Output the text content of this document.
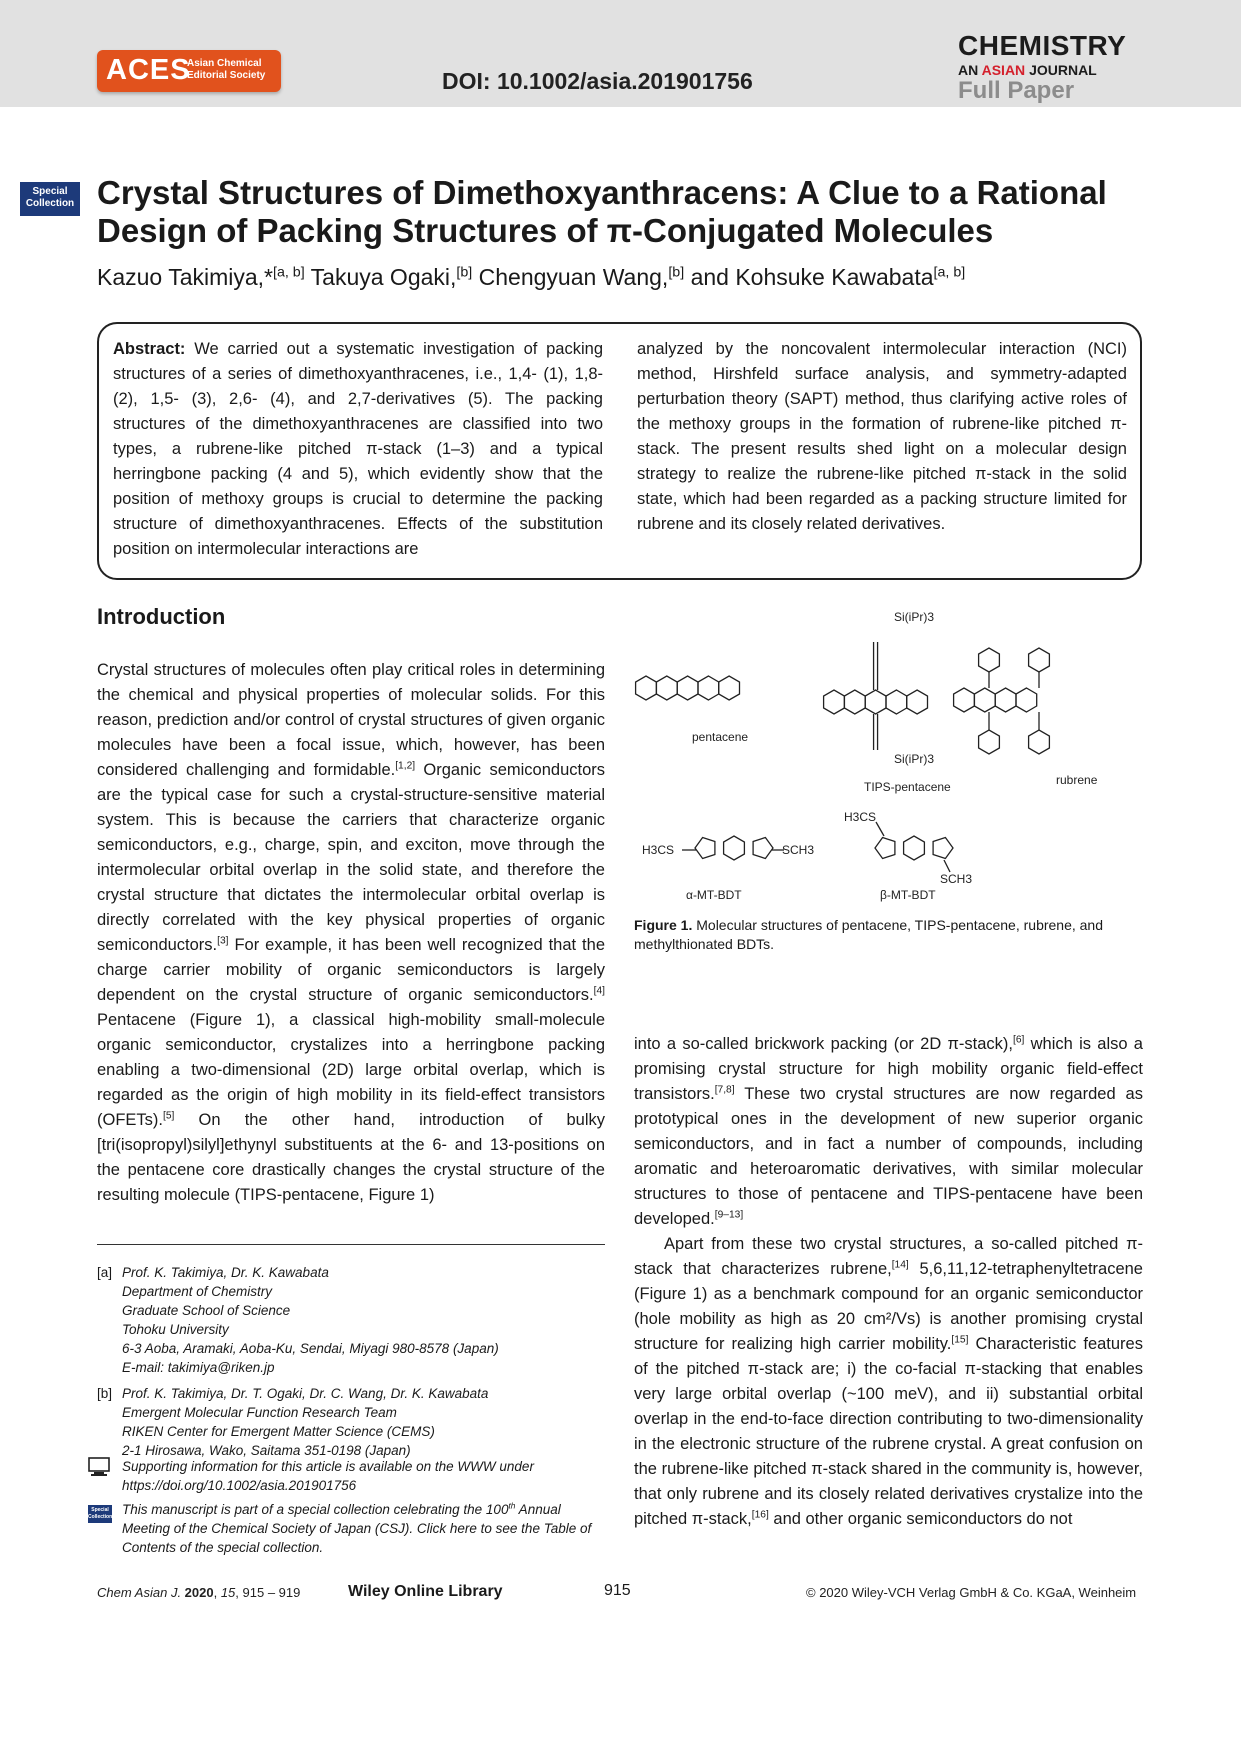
ACES
Asian Chemical
Editorial Society	DOI: 10.1002/asia.201901756
CHEMISTRY
AN ASIAN JOURNAL
Full Paper
Special
Collection Crystal Structures of Dimethoxyanthracens: A Clue to a Rational
Design of Packing Structures of π-Conjugated Molecules
Kazuo Takimiya,*[a, b] Takuya Ogaki,[b] Chengyuan Wang,[b] and Kohsuke Kawabata[a, b]
Abstract: We carried out a systematic investigation of packing structures of a series of dimethoxyanthracenes, i.e., 1,4- (1), 1,8- (2), 1,5- (3), 2,6- (4), and 2,7-derivatives (5). The packing structures of the dimethoxyanthracenes are classified into two types, a rubrene-like pitched π-stack (1–3) and a typical herringbone packing (4 and 5), which evidently show that the position of methoxy groups is crucial to determine the packing structure of dimethoxyanthracenes. Effects of the substitution position on intermolecular interactions are
analyzed by the noncovalent intermolecular interaction (NCI) method, Hirshfeld surface analysis, and symmetry-adapted perturbation theory (SAPT) method, thus clarifying active roles of the methoxy groups in the formation of rubrene-like pitched π-stack. The present results shed light on a molecular design strategy to realize the rubrene-like pitched π-stack in the solid state, which had been regarded as a packing structure limited for rubrene and its closely related derivatives.
Introduction

Crystal structures of molecules often play critical roles in determining the chemical and physical properties of molecular solids. For this reason, prediction and/or control of crystal structures of given organic molecules have been a focal issue, which, however, has been considered challenging and formidable.[1,2] Organic semiconductors are the typical case for such a crystal-structure-sensitive material system. This is because the carriers that characterize organic semiconductors, e.g., charge, spin, and exciton, move through the intermolecular orbital overlap in the solid state, and therefore the crystal structure that dictates the intermolecular orbital overlap is directly correlated with the key physical properties of organic semiconductors.[3] For example, it has been well recognized that the charge carrier mobility of organic semiconductors is largely dependent on the crystal structure of organic semiconductors.[4] Pentacene (Figure 1), a classical high-mobility small-molecule organic semiconductor, crystalizes into a herringbone packing enabling a two-dimensional (2D) large orbital overlap, which is regarded as the origin of high mobility in its field-effect transistors (OFETs).[5] On the other hand, introduction of bulky [tri(isopropyl)silyl]ethynyl substituents at the 6- and 13-positions on the pentacene core drastically changes the crystal structure of the resulting molecule (TIPS-pentacene, Figure 1)

pentacene
Si(iPr)3
Si(iPr)3
TIPS-pentacene	rubrene
H3CS	SCH3
α-MT-BDT
H3CS
SCH3
β-MT-BDT
Figure 1. Molecular structures of pentacene, TIPS-pentacene, rubrene, and methylthionated BDTs.

into a so-called brickwork packing (or 2D π-stack),[6] which is also a promising crystal structure for high mobility organic field-effect transistors.[7,8] These two crystal structures are now regarded as prototypical ones in the development of new superior organic semiconductors, and in fact a number of compounds, including aromatic and heteroaromatic derivatives, with similar molecular structures to those of pentacene and TIPS-pentacene have been developed.[9–13]

Apart from these two crystal structures, a so-called pitched π-stack that characterizes rubrene,[14] 5,6,11,12-tetraphenyltetracene (Figure 1) as a benchmark compound for an organic semiconductor (hole mobility as high as 20 cm²/Vs) is another promising crystal structure for realizing high carrier mobility.[15] Characteristic features of the pitched π-stack are; i) the co-facial π-stacking that enables very large orbital overlap (~100 meV), and ii) substantial orbital overlap in the end-to-face direction contributing to two-dimensionality in the electronic structure of the rubrene crystal. A great confusion on the rubrene-like pitched π-stack shared in the community is, however, that only rubrene and its closely related derivatives crystalize into the pitched π-stack,[16] and other organic semiconductors do not

[a] Prof. K. Takimiya, Dr. K. Kawabata
Department of Chemistry
Graduate School of Science
Tohoku University
6-3 Aoba, Aramaki, Aoba-Ku, Sendai, Miyagi 980-8578 (Japan)
E-mail: takimiya@riken.jp
[b] Prof. K. Takimiya, Dr. T. Ogaki, Dr. C. Wang, Dr. K. Kawabata
Emergent Molecular Function Research Team
RIKEN Center for Emergent Matter Science (CEMS)
2-1 Hirosawa, Wako, Saitama 351-0198 (Japan)
Supporting information for this article is available on the WWW under https://doi.org/10.1002/asia.201901756
Special Collection This manuscript is part of a special collection celebrating the 100th Annual Meeting of the Chemical Society of Japan (CSJ). Click here to see the Table of Contents of the special collection.
Chem Asian J. 2020, 15, 915 – 919	Wiley Online Library	915	© 2020 Wiley-VCH Verlag GmbH & Co. KGaA, Weinheim
